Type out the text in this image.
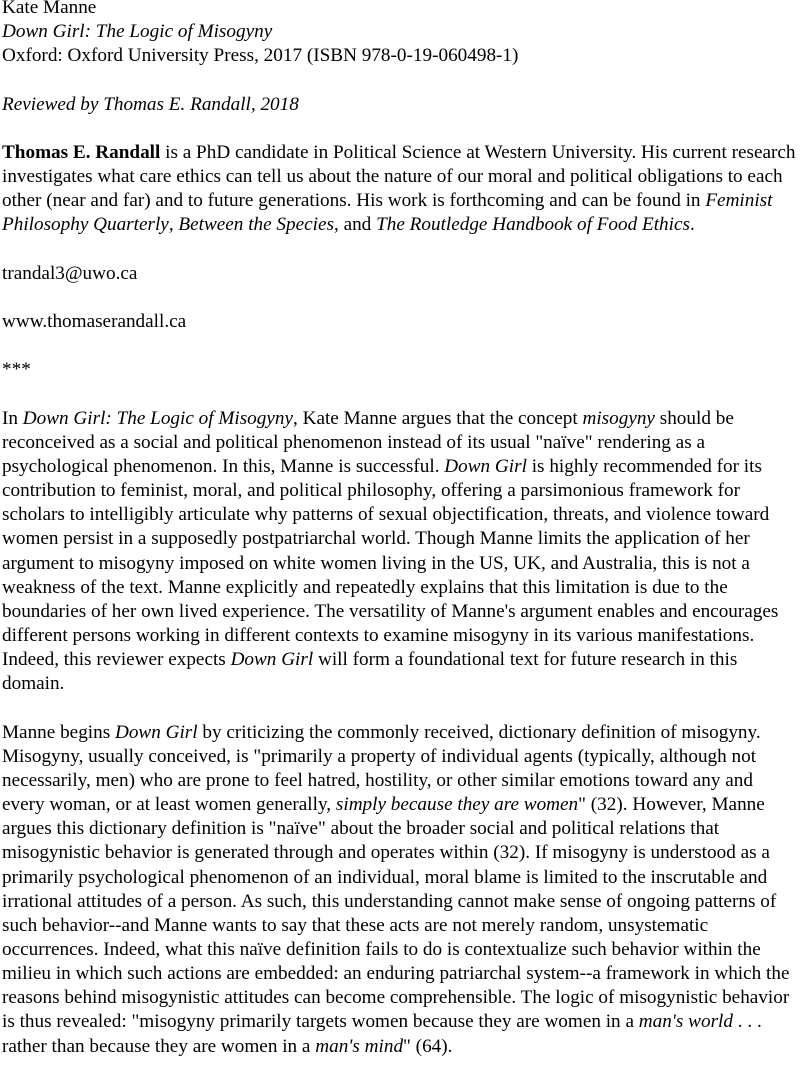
Kate Manne

Down Girl: The Logic of Misogyny

Oxford: Oxford University Press, 2017 (ISBN 978-0-19-060498-1)

Reviewed by Thomas E. Randall, 2018

Thomas E. Randall is a PhD candidate in Political Science at Western University. His current research investigates what care ethics can tell us about the nature of our moral and political obligations to each other (near and far) and to future generations. His work is forthcoming and can be found in Feminist Philosophy Quarterly, Between the Species, and The Routledge Handbook of Food Ethics.

trandal3@uwo.ca

www.thomaserandall.ca

***

In Down Girl: The Logic of Misogyny, Kate Manne argues that the concept misogyny should be reconceived as a social and political phenomenon instead of its usual "naïve" rendering as a psychological phenomenon. In this, Manne is successful. Down Girl is highly recommended for its contribution to feminist, moral, and political philosophy, offering a parsimonious framework for scholars to intelligibly articulate why patterns of sexual objectification, threats, and violence toward women persist in a supposedly postpatriarchal world. Though Manne limits the application of her argument to misogyny imposed on white women living in the US, UK, and Australia, this is not a weakness of the text. Manne explicitly and repeatedly explains that this limitation is due to the boundaries of her own lived experience. The versatility of Manne's argument enables and encourages different persons working in different contexts to examine misogyny in its various manifestations. Indeed, this reviewer expects Down Girl will form a foundational text for future research in this domain.

Manne begins Down Girl by criticizing the commonly received, dictionary definition of misogyny. Misogyny, usually conceived, is "primarily a property of individual agents (typically, although not necessarily, men) who are prone to feel hatred, hostility, or other similar emotions toward any and every woman, or at least women generally, simply because they are women" (32). However, Manne argues this dictionary definition is "naïve" about the broader social and political relations that misogynistic behavior is generated through and operates within (32). If misogyny is understood as a primarily psychological phenomenon of an individual, moral blame is limited to the inscrutable and irrational attitudes of a person. As such, this understanding cannot make sense of ongoing patterns of such behavior--and Manne wants to say that these acts are not merely random, unsystematic occurrences. Indeed, what this naïve definition fails to do is contextualize such behavior within the milieu in which such actions are embedded: an enduring patriarchal system--a framework in which the reasons behind misogynistic attitudes can become comprehensible. The logic of misogynistic behavior is thus revealed: "misogyny primarily targets women because they are women in a man's world . . . rather than because they are women in a man's mind" (64).
